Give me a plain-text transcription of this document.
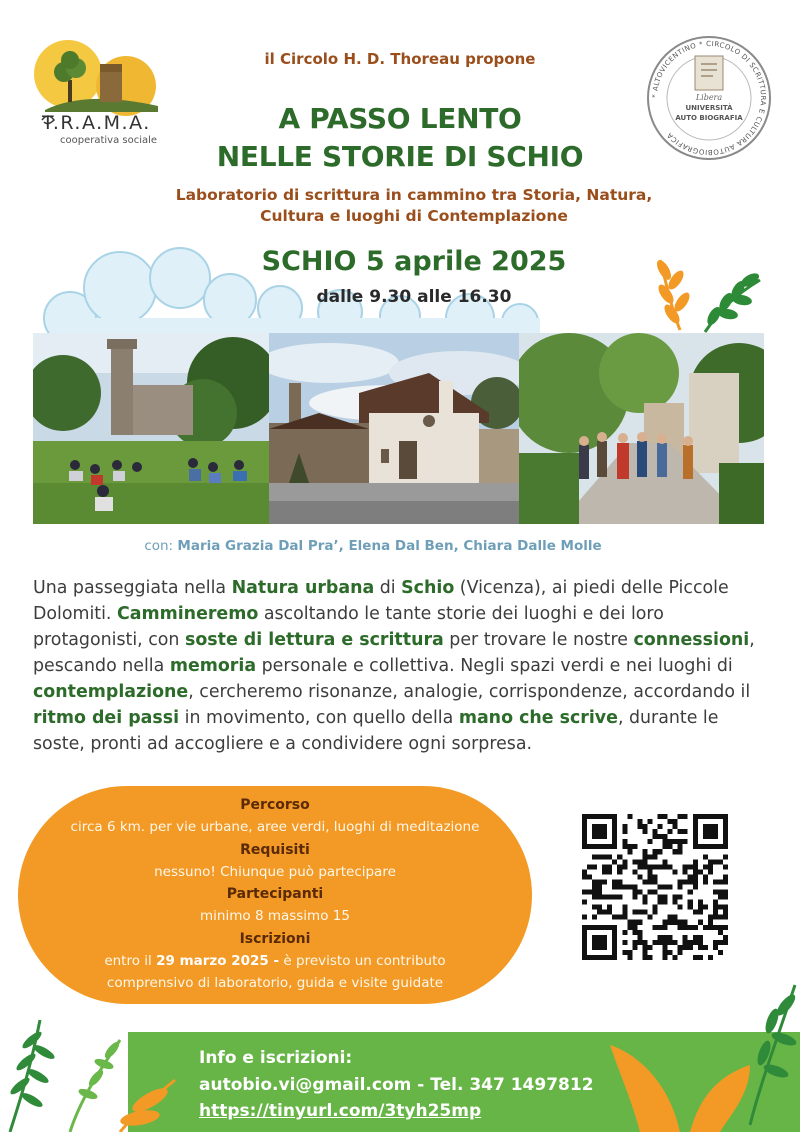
T.R.A.M.A.
cooperativa sociale
* ALTOVICENTINO * CIRCOLO DI SCRITTURA E CULTURA AUTOBIOGRAFICA
Libera
UNIVERSITÀ
AUTO BIOGRAFIA
il Circolo H. D. Thoreau propone
A PASSO LENTO
NELLE STORIE DI SCHIO
Laboratorio di scrittura in cammino tra Storia, Natura,
Cultura e luoghi di Contemplazione
SCHIO 5 aprile 2025
dalle 9.30 alle 16.30
con: Maria Grazia Dal Pra’, Elena Dal Ben, Chiara Dalle Molle
Una passeggiata nella Natura urbana di Schio (Vicenza), ai piedi delle Piccole Dolomiti. Cammineremo ascoltando le tante storie dei luoghi e dei loro protagonisti, con soste di lettura e scrittura per trovare le nostre connessioni, pescando nella memoria personale e collettiva. Negli spazi verdi e nei luoghi di contemplazione, cercheremo risonanze, analogie, corrispondenze, accordando il ritmo dei passi in movimento, con quello della mano che scrive, durante le soste, pronti ad accogliere e a condividere ogni sorpresa.
Percorso
circa 6 km. per vie urbane, aree verdi, luoghi di meditazione
Requisiti
nessuno! Chiunque può partecipare
Partecipanti
minimo 8 massimo 15
Iscrizioni
entro il 29 marzo 2025 - è previsto un contributo
comprensivo di laboratorio, guida e visite guidate
Info e iscrizioni:
autobio.vi@gmail.com - Tel. 347 1497812
https://tinyurl.com/3tyh25mp
